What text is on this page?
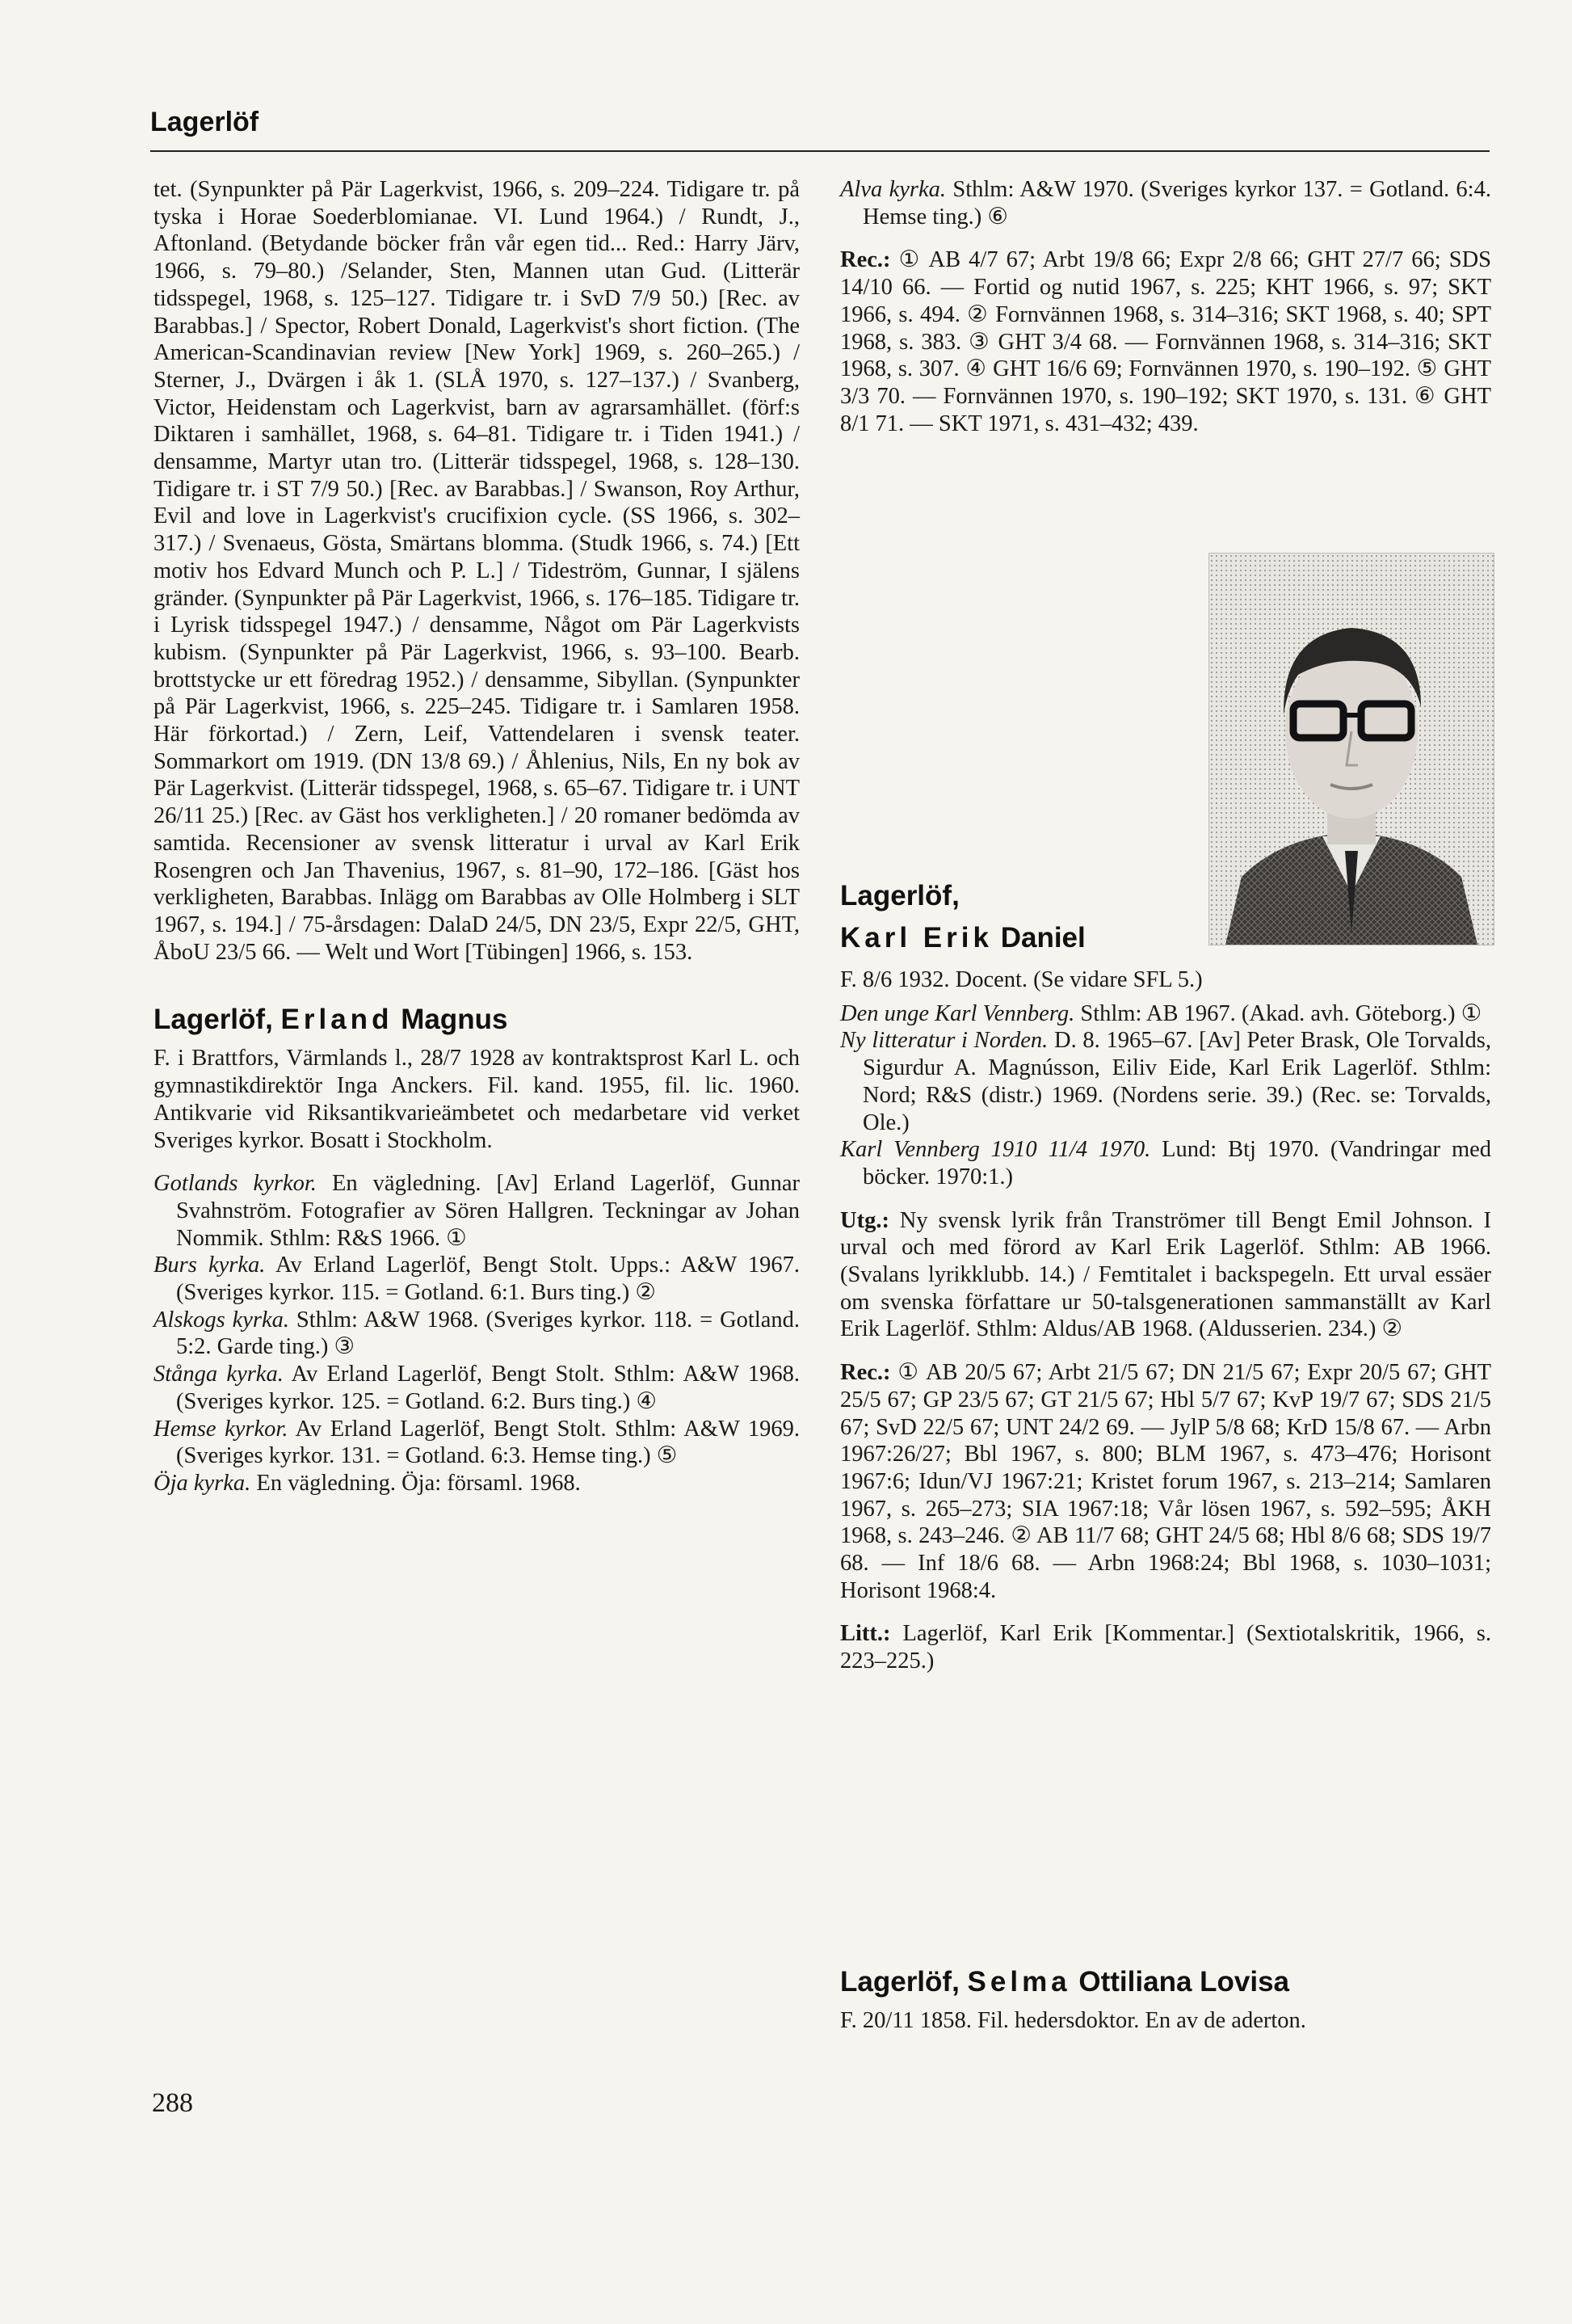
Lagerlöf

tet. (Synpunkter på Pär Lagerkvist, 1966, s. 209–224. Tidigare tr. på tyska i Horae Soederblomianae. VI. Lund 1964.) / Rundt, J., Aftonland. (Betydande böcker från vår egen tid... Red.: Harry Järv, 1966, s. 79–80.) /Selander, Sten, Mannen utan Gud. (Litterär tidsspegel, 1968, s. 125–127. Tidigare tr. i SvD 7/9 50.) [Rec. av Barabbas.] / Spector, Robert Donald, Lagerkvist's short fiction. (The American-Scandinavian review [New York] 1969, s. 260–265.) / Sterner, J., Dvärgen i åk 1. (SLÅ 1970, s. 127–137.) / Svanberg, Victor, Heidenstam och Lagerkvist, barn av agrarsamhället. (förf:s Diktaren i samhället, 1968, s. 64–81. Tidigare tr. i Tiden 1941.) / densamme, Martyr utan tro. (Litterär tidsspegel, 1968, s. 128–130. Tidigare tr. i ST 7/9 50.) [Rec. av Barabbas.] / Swanson, Roy Arthur, Evil and love in Lagerkvist's crucifixion cycle. (SS 1966, s. 302–317.) / Svenaeus, Gösta, Smärtans blomma. (Studk 1966, s. 74.) [Ett motiv hos Edvard Munch och P. L.] / Tideström, Gunnar, I själens gränder. (Synpunkter på Pär Lagerkvist, 1966, s. 176–185. Tidigare tr. i Lyrisk tidsspegel 1947.) / densamme, Något om Pär Lagerkvists kubism. (Synpunkter på Pär Lagerkvist, 1966, s. 93–100. Bearb. brottstycke ur ett föredrag 1952.) / densamme, Sibyllan. (Synpunkter på Pär Lagerkvist, 1966, s. 225–245. Tidigare tr. i Samlaren 1958. Här förkortad.) / Zern, Leif, Vattendelaren i svensk teater. Sommarkort om 1919. (DN 13/8 69.) / Åhlenius, Nils, En ny bok av Pär Lagerkvist. (Litterär tidsspegel, 1968, s. 65–67. Tidigare tr. i UNT 26/11 25.) [Rec. av Gäst hos verkligheten.] / 20 romaner bedömda av samtida. Recensioner av svensk litteratur i urval av Karl Erik Rosengren och Jan Thavenius, 1967, s. 81–90, 172–186. [Gäst hos verkligheten, Barabbas. Inlägg om Barabbas av Olle Holmberg i SLT 1967, s. 194.] / 75-årsdagen: DalaD 24/5, DN 23/5, Expr 22/5, GHT, ÅboU 23/5 66. — Welt und Wort [Tübingen] 1966, s. 153.

Lagerlöf, Erland Magnus

F. i Brattfors, Värmlands l., 28/7 1928 av kontraktsprost Karl L. och gymnastikdirektör Inga Anckers. Fil. kand. 1955, fil. lic. 1960. Antikvarie vid Riksantikvarieämbetet och medarbetare vid verket Sveriges kyrkor. Bosatt i Stockholm.

Gotlands kyrkor. En vägledning. [Av] Erland Lagerlöf, Gunnar Svahnström. Fotografier av Sören Hallgren. Teckningar av Johan Nommik. Sthlm: R&S 1966. ①

Burs kyrka. Av Erland Lagerlöf, Bengt Stolt. Upps.: A&W 1967. (Sveriges kyrkor. 115. = Gotland. 6:1. Burs ting.) ②

Alskogs kyrka. Sthlm: A&W 1968. (Sveriges kyrkor. 118. = Gotland. 5:2. Garde ting.) ③

Stånga kyrka. Av Erland Lagerlöf, Bengt Stolt. Sthlm: A&W 1968. (Sveriges kyrkor. 125. = Gotland. 6:2. Burs ting.) ④

Hemse kyrkor. Av Erland Lagerlöf, Bengt Stolt. Sthlm: A&W 1969. (Sveriges kyrkor. 131. = Gotland. 6:3. Hemse ting.) ⑤

Öja kyrka. En vägledning. Öja: församl. 1968.

Alva kyrka. Sthlm: A&W 1970. (Sveriges kyrkor 137. = Gotland. 6:4. Hemse ting.) ⑥

Rec.: ① AB 4/7 67; Arbt 19/8 66; Expr 2/8 66; GHT 27/7 66; SDS 14/10 66. — Fortid og nutid 1967, s. 225; KHT 1966, s. 97; SKT 1966, s. 494. ② Fornvännen 1968, s. 314–316; SKT 1968, s. 40; SPT 1968, s. 383. ③ GHT 3/4 68. — Fornvännen 1968, s. 314–316; SKT 1968, s. 307. ④ GHT 16/6 69; Fornvännen 1970, s. 190–192. ⑤ GHT 3/3 70. — Fornvännen 1970, s. 190–192; SKT 1970, s. 131. ⑥ GHT 8/1 71. — SKT 1971, s. 431–432; 439.

Lagerlöf,
Karl Erik Daniel

F. 8/6 1932. Docent. (Se vidare SFL 5.)

Den unge Karl Vennberg. Sthlm: AB 1967. (Akad. avh. Göteborg.) ①

Ny litteratur i Norden. D. 8. 1965–67. [Av] Peter Brask, Ole Torvalds, Sigurdur A. Magnússon, Eiliv Eide, Karl Erik Lagerlöf. Sthlm: Nord; R&S (distr.) 1969. (Nordens serie. 39.) (Rec. se: Torvalds, Ole.)

Karl Vennberg 1910 11/4 1970. Lund: Btj 1970. (Vandringar med böcker. 1970:1.)

Utg.: Ny svensk lyrik från Tranströmer till Bengt Emil Johnson. I urval och med förord av Karl Erik Lagerlöf. Sthlm: AB 1966. (Svalans lyrikklubb. 14.) / Femtitalet i backspegeln. Ett urval essäer om svenska författare ur 50-talsgenerationen sammanställt av Karl Erik Lagerlöf. Sthlm: Aldus/AB 1968. (Aldusserien. 234.) ②

Rec.: ① AB 20/5 67; Arbt 21/5 67; DN 21/5 67; Expr 20/5 67; GHT 25/5 67; GP 23/5 67; GT 21/5 67; Hbl 5/7 67; KvP 19/7 67; SDS 21/5 67; SvD 22/5 67; UNT 24/2 69. — JylP 5/8 68; KrD 15/8 67. — Arbn 1967:26/27; Bbl 1967, s. 800; BLM 1967, s. 473–476; Horisont 1967:6; Idun/VJ 1967:21; Kristet forum 1967, s. 213–214; Samlaren 1967, s. 265–273; SIA 1967:18; Vår lösen 1967, s. 592–595; ÅKH 1968, s. 243–246. ② AB 11/7 68; GHT 24/5 68; Hbl 8/6 68; SDS 19/7 68. — Inf 18/6 68. — Arbn 1968:24; Bbl 1968, s. 1030–1031; Horisont 1968:4.

Litt.: Lagerlöf, Karl Erik [Kommentar.] (Sextiotalskritik, 1966, s. 223–225.)

Lagerlöf, Selma Ottiliana Lovisa

F. 20/11 1858. Fil. hedersdoktor. En av de aderton.

288
